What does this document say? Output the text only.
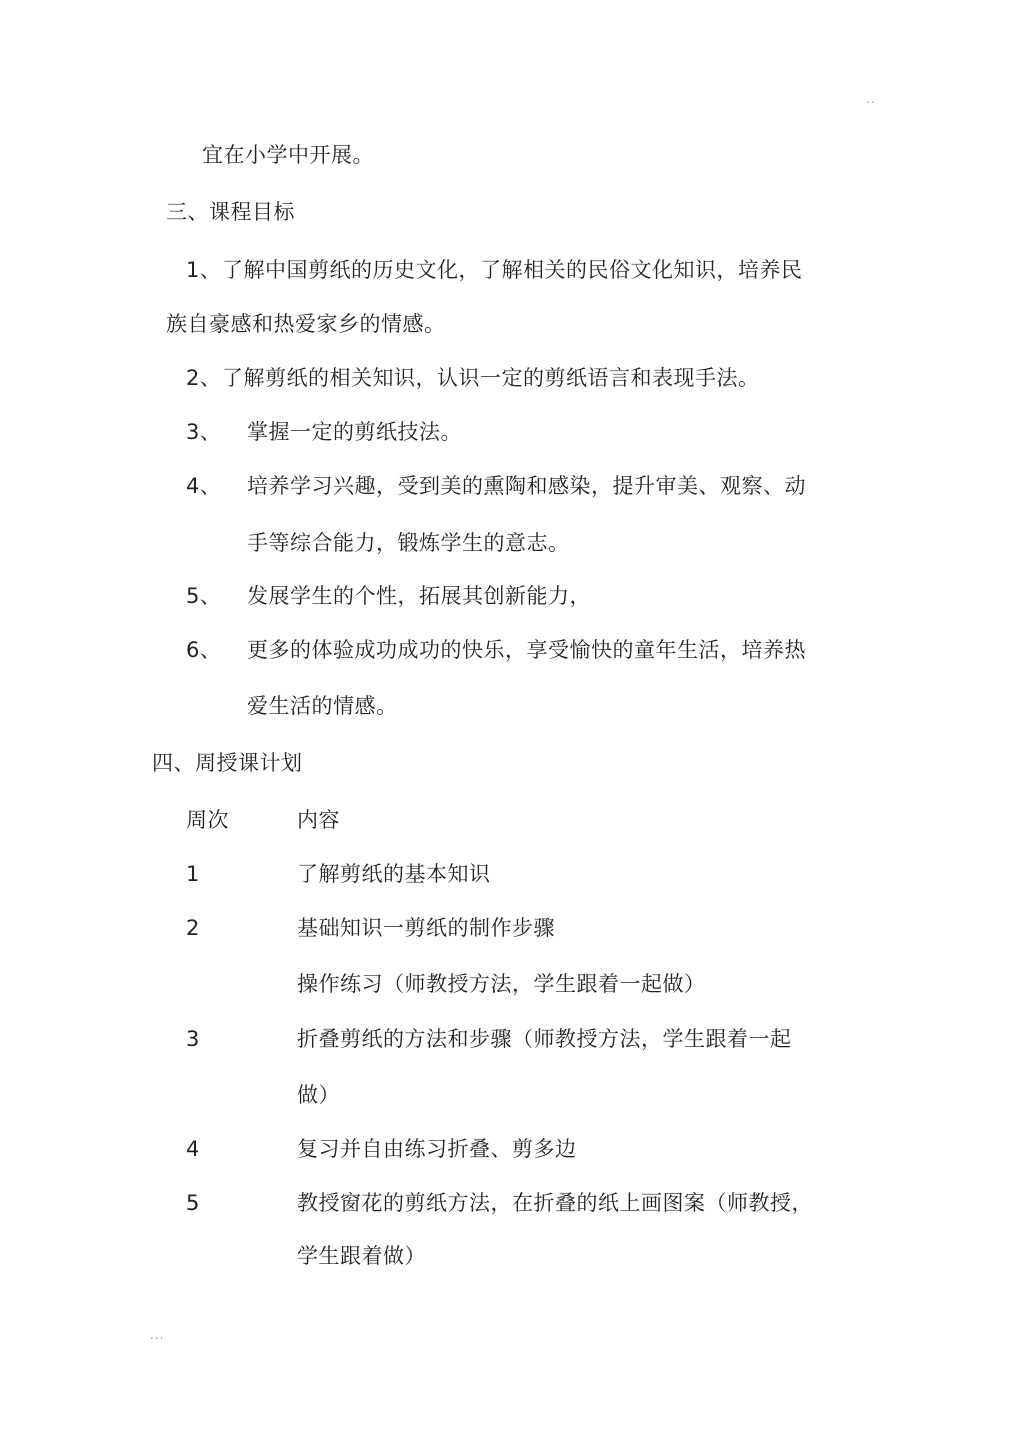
..
宜在小学中开展。
三、课程目标
1、 了解中国剪纸的历史文化，了解相关的民俗文化知识，培养民
族自豪感和热爱家乡的情感。
2、 了解剪纸的相关知识，认识一定的剪纸语言和表现手法。
3、 掌握一定的剪纸技法。
4、 培养学习兴趣，受到美的熏陶和感染，提升审美、观察、动
手等综合能力，锻炼学生的意志。
5、 发展学生的个性，拓展其创新能力，
6、 更多的体验成功成功的快乐，享受愉快的童年生活，培养热
爱生活的情感。
四、周授课计划
周次	内容
1	了解剪纸的基本知识
2	基础知识一剪纸的制作步骤
操作练习（师教授方法，学生跟着一起做）
3	折叠剪纸的方法和步骤（师教授方法，学生跟着一起
做）
4	复习并自由练习折叠、剪多边
5	教授窗花的剪纸方法，在折叠的纸上画图案（师教授，
学生跟着做）
...
